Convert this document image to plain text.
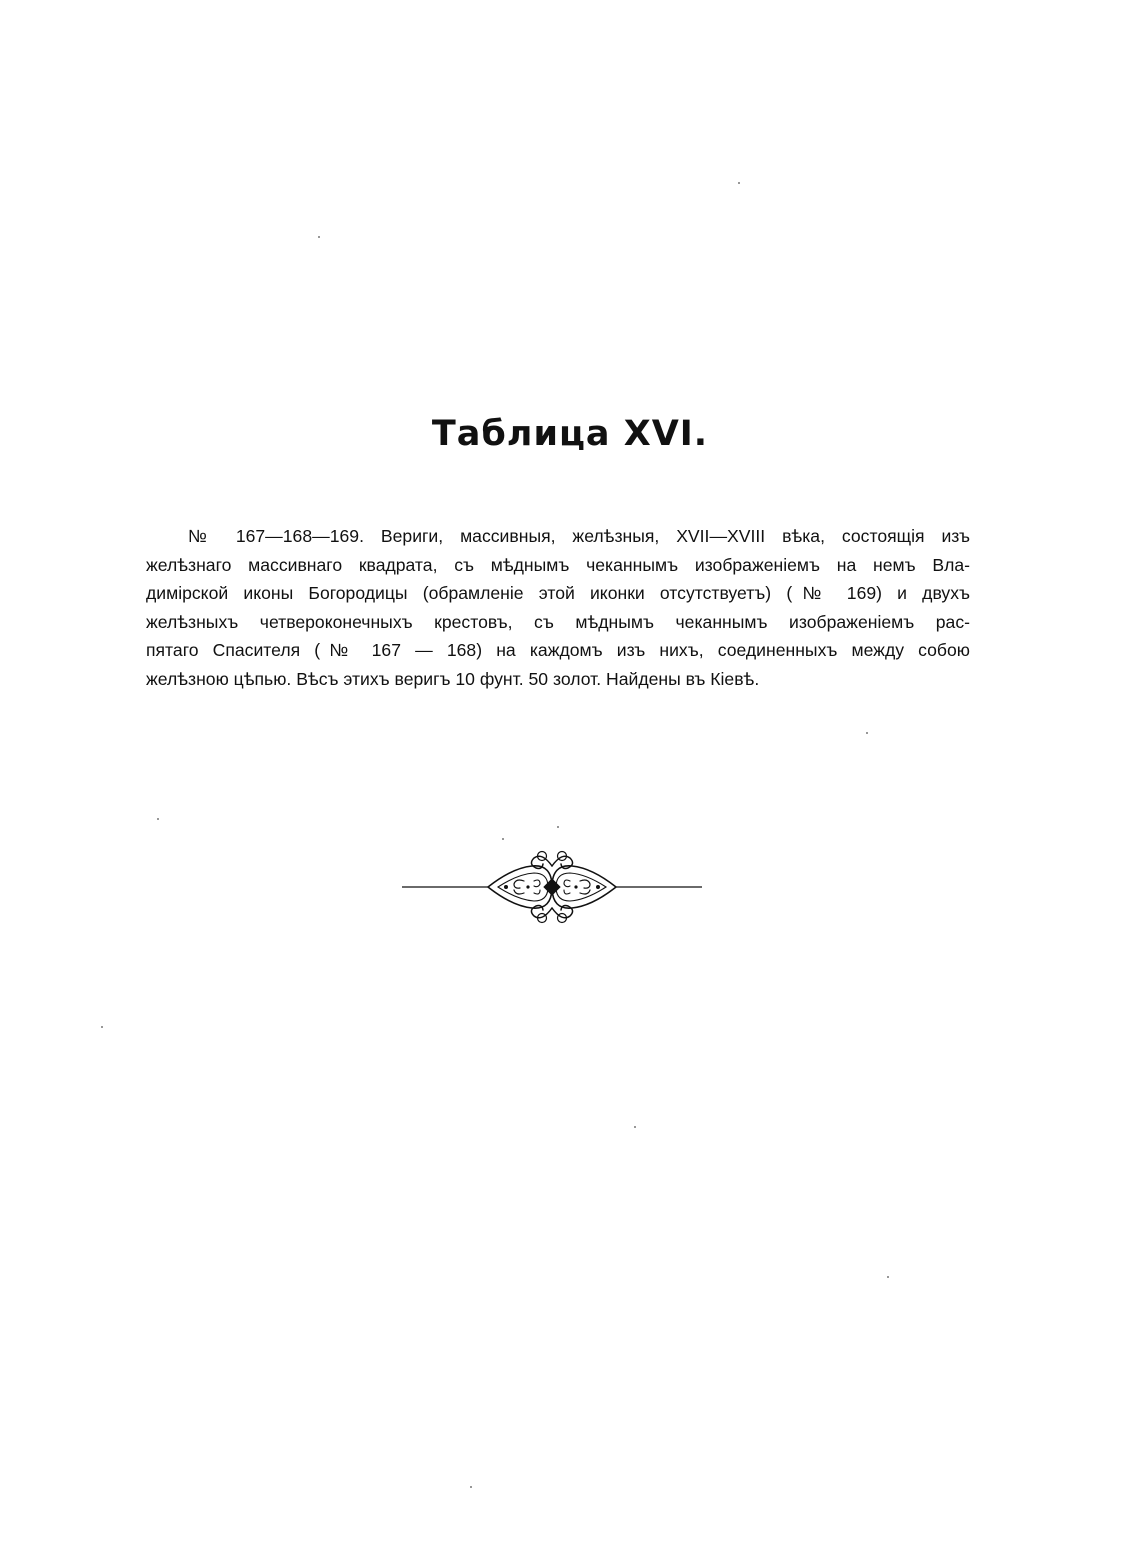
Таблица XVI.
№ 167—168—169. Вериги, массивныя, желѣзныя, XVII—XVIII вѣка, состоящія изъ
желѣзнаго массивнаго квадрата, съ мѣднымъ чеканнымъ изображеніемъ на немъ Вла-
димірской иконы Богородицы (обрамленіе этой иконки отсутствуетъ) (№ 169) и двухъ
желѣзныхъ четвероконечныхъ крестовъ, съ мѣднымъ чеканнымъ изображеніемъ рас-
пятаго Спасителя (№ 167 — 168) на каждомъ изъ нихъ, соединенныхъ между собою
желѣзною цѣпью. Вѣсъ этихъ веригъ 10 фунт. 50 золот. Найдены въ Кіевѣ.
